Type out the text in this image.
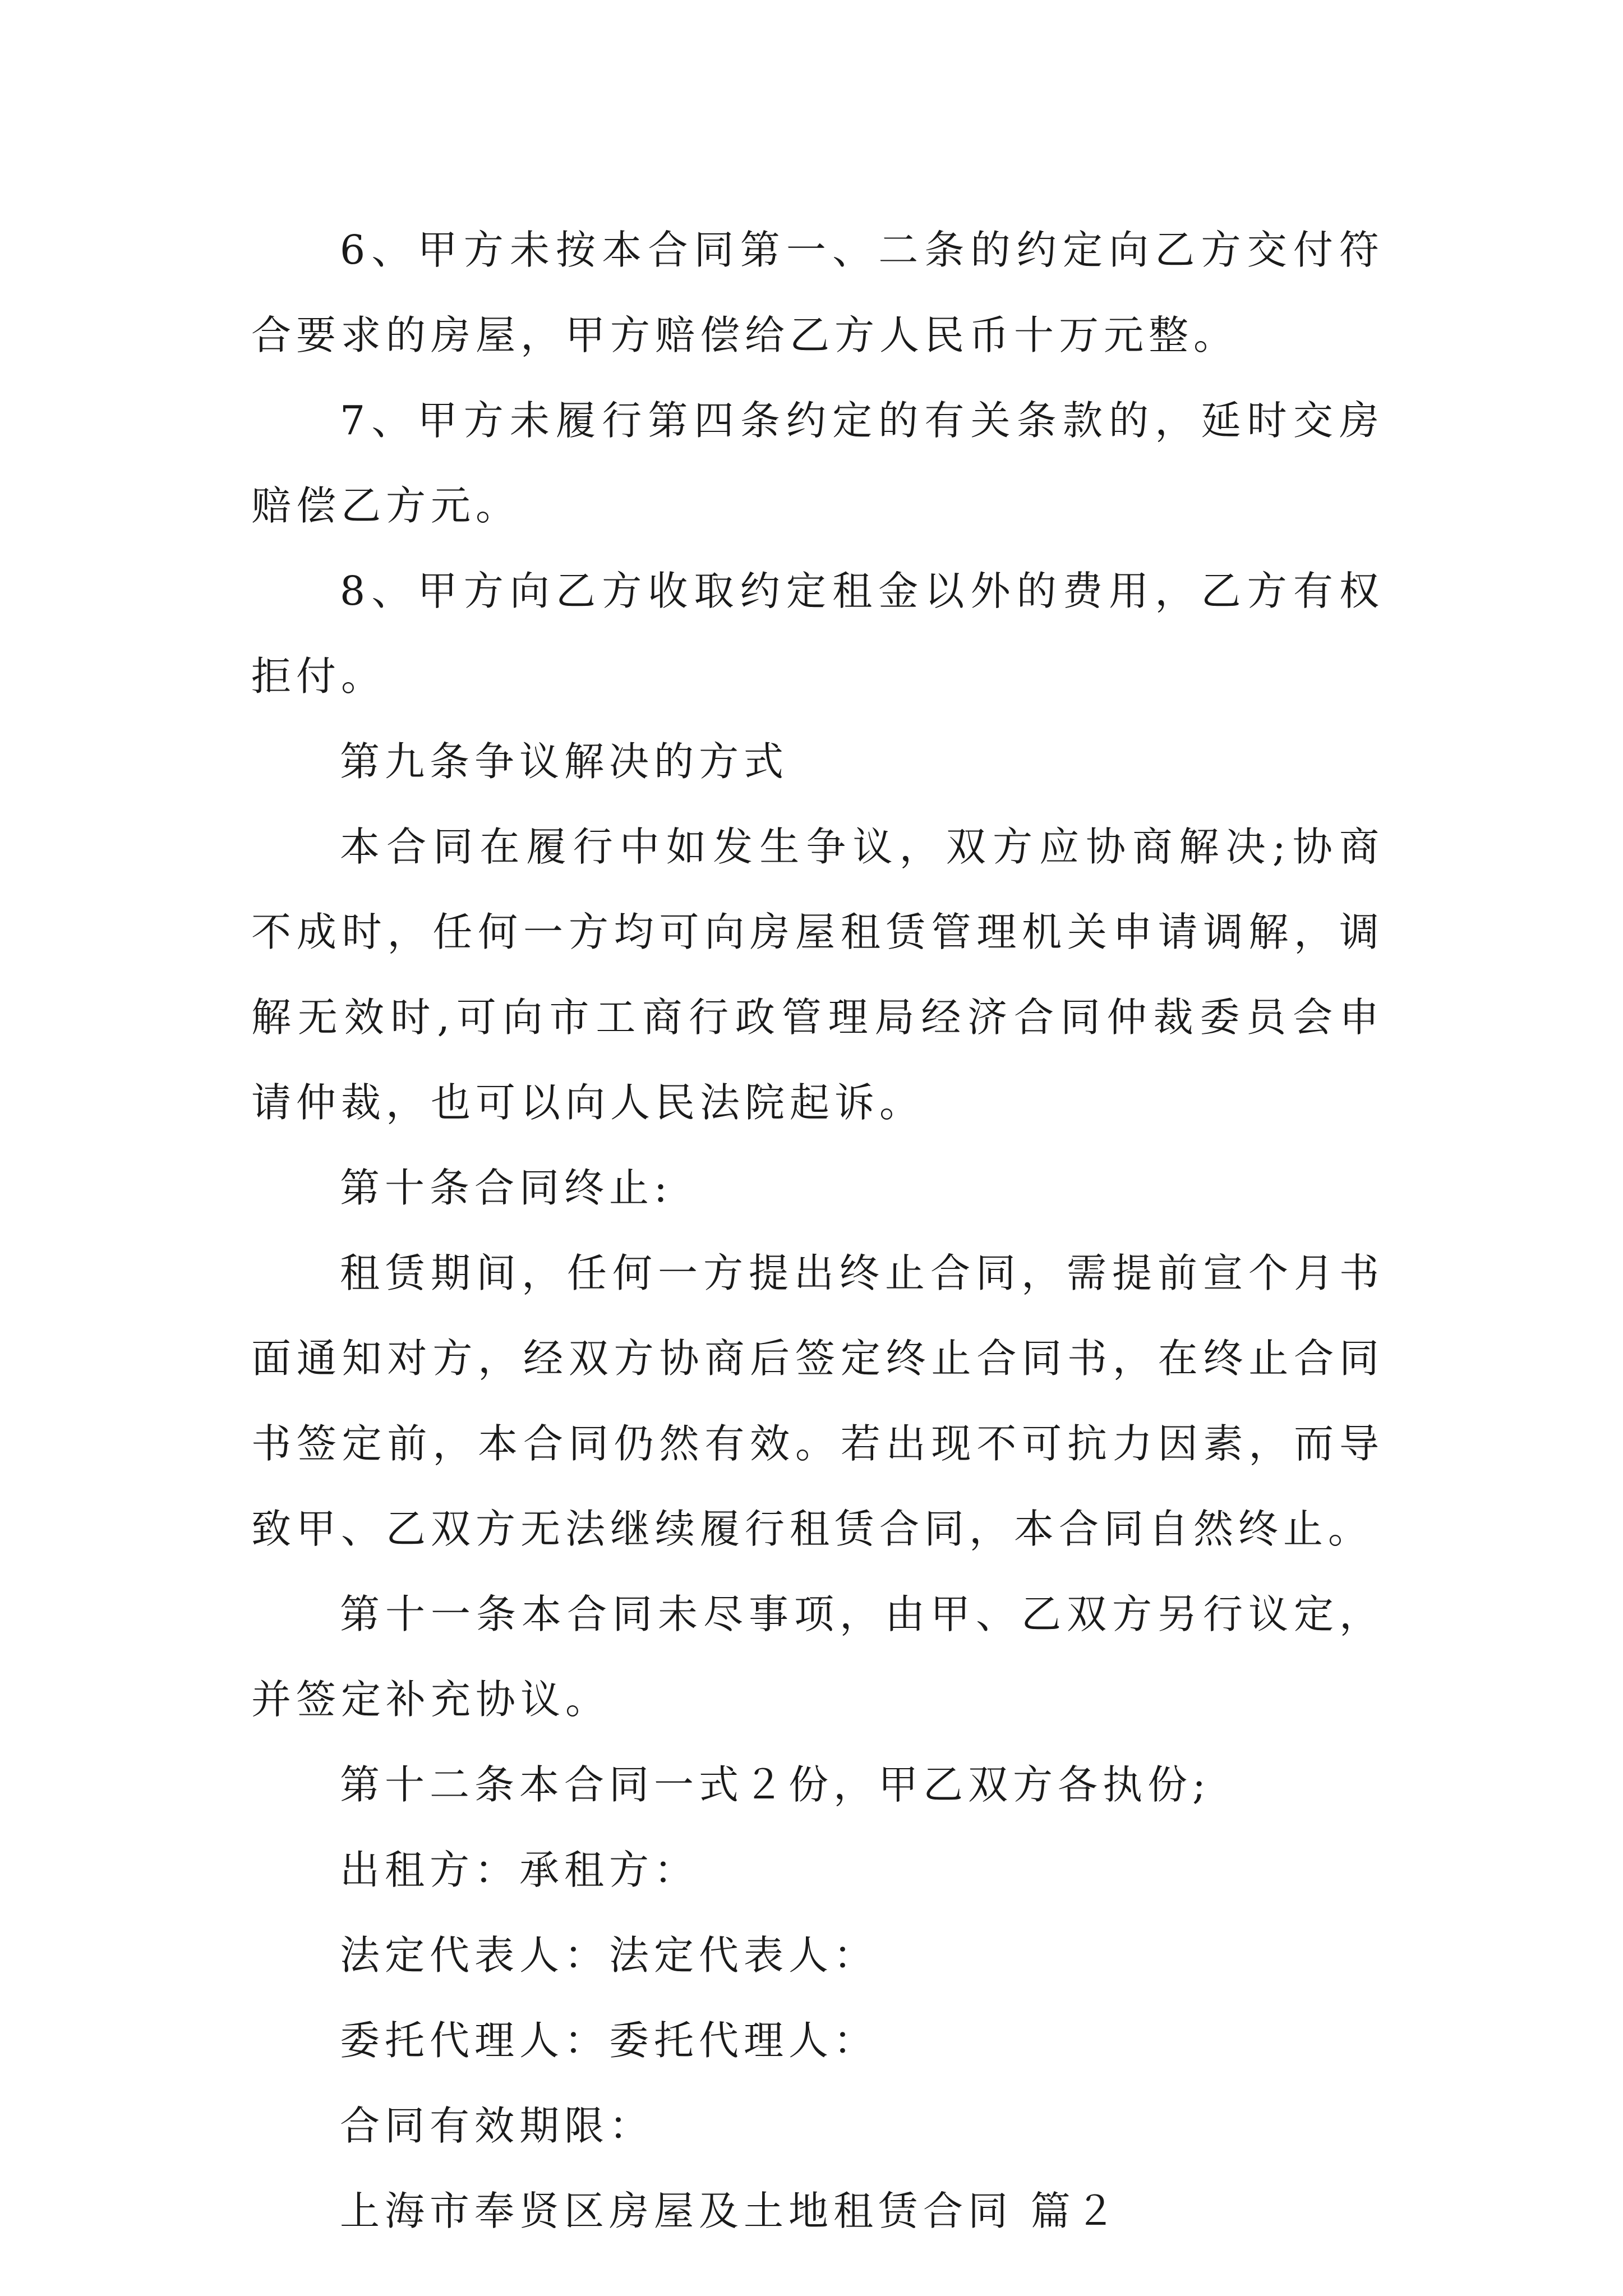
6、甲方未按本合同第一、二条的约定向乙方交付符合要求的房屋，甲方赔偿给乙方人民币十万元整。

7、甲方未履行第四条约定的有关条款的，延时交房赔偿乙方元。

8、甲方向乙方收取约定租金以外的费用，乙方有权拒付。

第九条争议解决的方式

本合同在履行中如发生争议，双方应协商解决;协商不成时，任何一方均可向房屋租赁管理机关申请调解，调解无效时,可向市工商行政管理局经济合同仲裁委员会申请仲裁，也可以向人民法院起诉。

第十条合同终止:

租赁期间，任何一方提出终止合同，需提前宣个月书面通知对方，经双方协商后签定终止合同书，在终止合同书签定前，本合同仍然有效。若出现不可抗力因素，而导致甲、乙双方无法继续履行租赁合同，本合同自然终止。

第十一条本合同未尽事项，由甲、乙双方另行议定，并签定补充协议。

第十二条本合同一式２份，甲乙双方各执份;

出租方：承租方：

法定代表人：法定代表人：

委托代理人：委托代理人：

合同有效期限：

上海市奉贤区房屋及土地租赁合同 篇２
